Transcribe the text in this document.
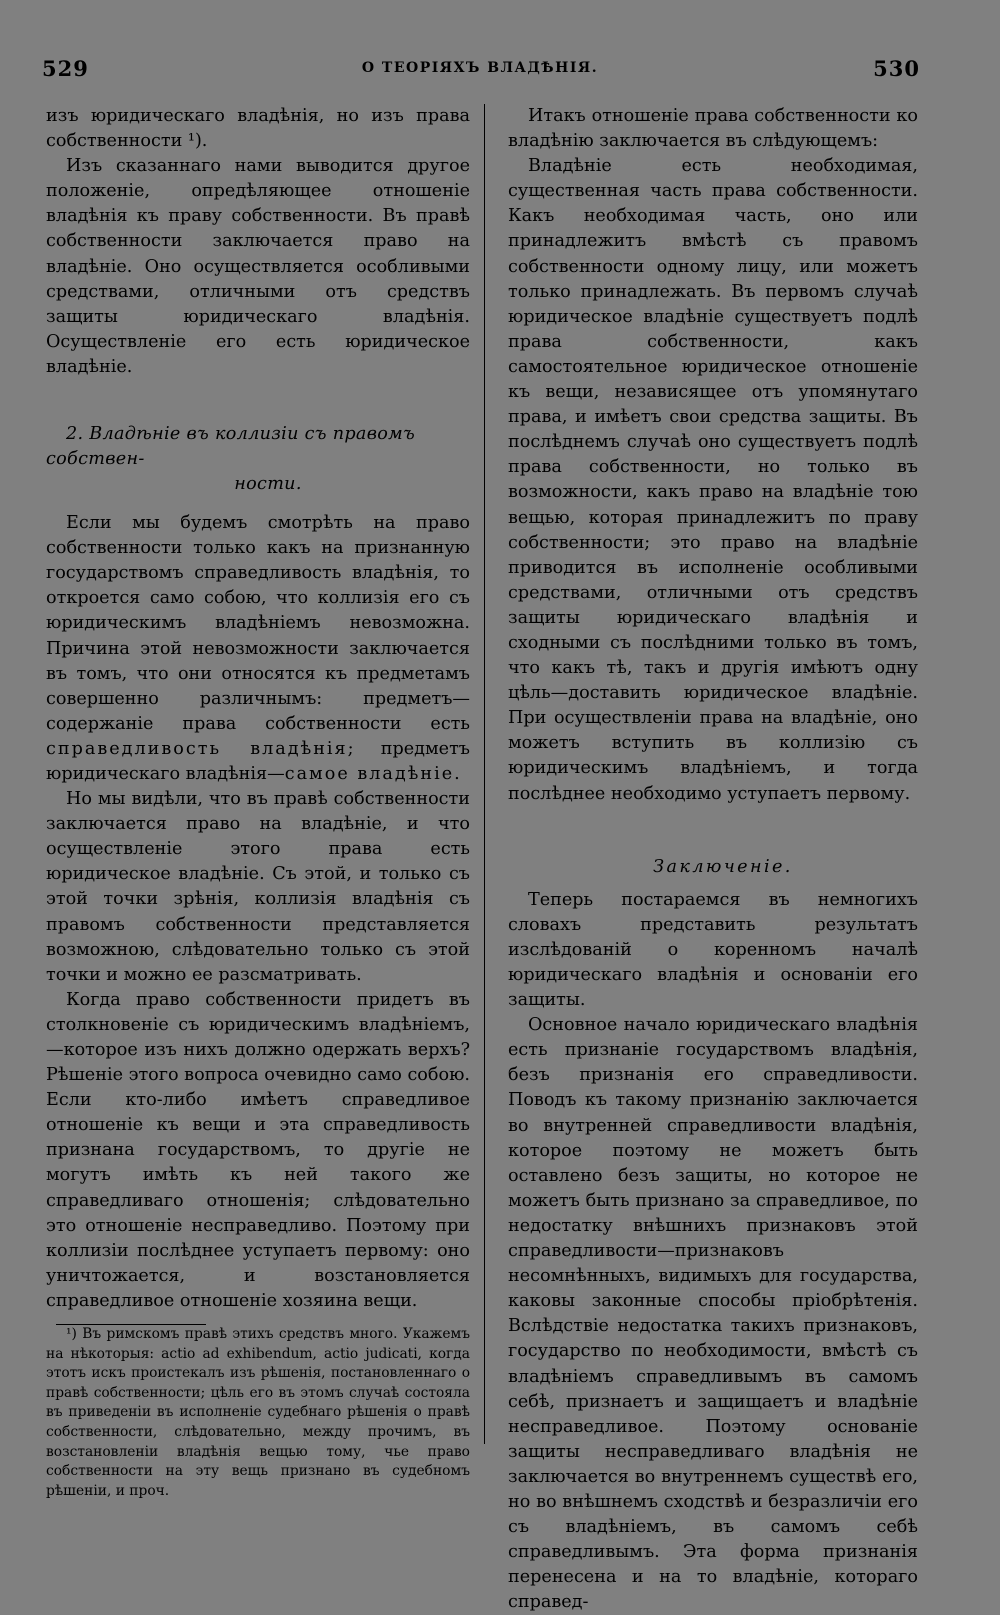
529	О ТЕОРІЯХЪ ВЛАДѢНІЯ.	530

изъ юридическаго владѣнія, но изъ права собственности ¹).

Изъ сказаннаго нами выводится другое положеніе, опредѣляющее отношеніе владѣнія къ праву собственности. Въ правѣ собственности заключается право на владѣніе. Оно осуществляется особливыми средствами, отличными отъ средствъ защиты юридическаго владѣнія. Осуществленіе его есть юридическое владѣніе.

2. Владѣніе въ коллизіи съ правомъ собствен-
ности.

Если мы будемъ смотрѣть на право собственности только какъ на признанную государствомъ справедливость владѣнія, то откроется само собою, что коллизія его съ юридическимъ владѣніемъ невозможна. Причина этой невозможности заключается въ томъ, что они относятся къ предметамъ совершенно различнымъ: предметъ—содержаніе права собственности есть справедливость владѣнія; предметъ юридическаго владѣнія—самое владѣніе.

Но мы видѣли, что въ правѣ собственности заключается право на владѣніе, и что осуществленіе этого права есть юридическое владѣніе. Съ этой, и только съ этой точки зрѣнія, коллизія владѣнія съ правомъ собственности представляется возможною, слѣдовательно только съ этой точки и можно ее разсматривать.

Когда право собственности придетъ въ столкновеніе съ юридическимъ владѣніемъ,—которое изъ нихъ должно одержать верхъ? Рѣшеніе этого вопроса очевидно само собою. Если кто-либо имѣетъ справедливое отношеніе къ вещи и эта справедливость признана государствомъ, то другіе не могутъ имѣть къ ней такого же справедливаго отношенія; слѣдовательно это отношеніе несправедливо. Поэтому при коллизіи послѣднее уступаетъ первому: оно уничтожается, и возстановляется справедливое отношеніе хозяина вещи.

¹) Въ римскомъ правѣ этихъ средствъ много. Укажемъ на нѣкоторыя: actio ad exhibendum, actio judicati, когда этотъ искъ проистекалъ изъ рѣшенія, постановленнаго о правѣ собственности; цѣль его въ этомъ случаѣ состояла въ приведеніи въ исполненіе судебнаго рѣшенія о правѣ собственности, слѣдовательно, между прочимъ, въ возстановленіи владѣнія вещью тому, чье право собственности на эту вещь признано въ судебномъ рѣшеніи, и проч.

Итакъ отношеніе права собственности ко владѣнію заключается въ слѣдующемъ:

Владѣніе есть необходимая, существенная часть права собственности. Какъ необходимая часть, оно или принадлежитъ вмѣстѣ съ правомъ собственности одному лицу, или можетъ только принадлежать. Въ первомъ случаѣ юридическое владѣніе существуетъ подлѣ права собственности, какъ самостоятельное юридическое отношеніе къ вещи, независящее отъ упомянутаго права, и имѣетъ свои средства защиты. Въ послѣднемъ случаѣ оно существуетъ подлѣ права собственности, но только въ возможности, какъ право на владѣніе тою вещью, которая принадлежитъ по праву собственности; это право на владѣніе приводится въ исполненіе особливыми средствами, отличными отъ средствъ защиты юридическаго владѣнія и сходными съ послѣдними только въ томъ, что какъ тѣ, такъ и другія имѣютъ одну цѣль—доставить юридическое владѣніе. При осуществленіи права на владѣніе, оно можетъ вступить въ коллизію съ юридическимъ владѣніемъ, и тогда послѣднее необходимо уступаетъ первому.

Заключеніе.

Теперь постараемся въ немногихъ словахъ представить результатъ изслѣдованій о коренномъ началѣ юридическаго владѣнія и основаніи его защиты.

Основное начало юридическаго владѣнія есть признаніе государствомъ владѣнія, безъ признанія его справедливости. Поводъ къ такому признанію заключается во внутренней справедливости владѣнія, которое поэтому не можетъ быть оставлено безъ защиты, но которое не можетъ быть признано за справедливое, по недостатку внѣшнихъ признаковъ этой справедливости—признаковъ несомнѣнныхъ, видимыхъ для государства, каковы законные способы пріобрѣтенія. Вслѣдствіе недостатка такихъ признаковъ, государство по необходимости, вмѣстѣ съ владѣніемъ справедливымъ въ самомъ себѣ, признаетъ и защищаетъ и владѣніе несправедливое. Поэтому основаніе защиты несправедливаго владѣнія не заключается во внутреннемъ существѣ его, но во внѣшнемъ сходствѣ и безразличіи его съ владѣніемъ, въ самомъ себѣ справедливымъ. Эта форма признанія перенесена и на то владѣніе, котораго справед-
